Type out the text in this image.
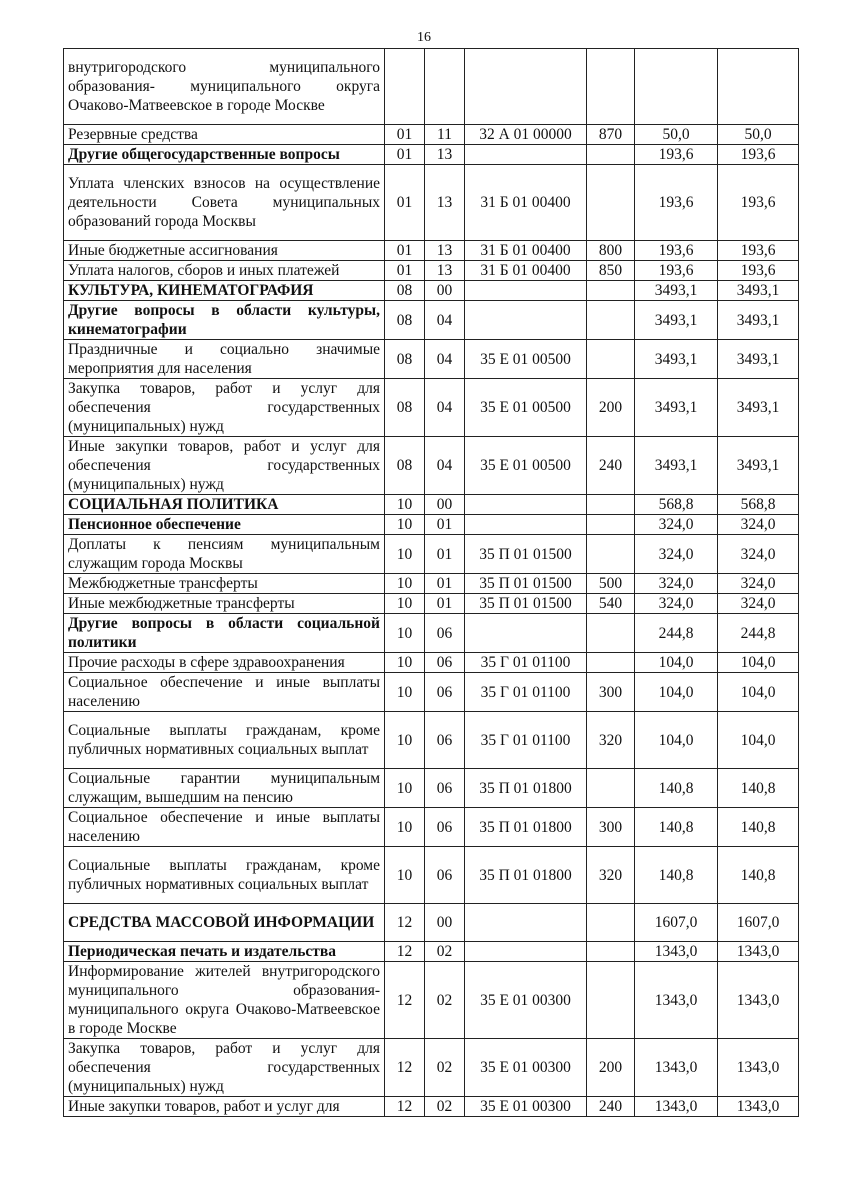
16
внутригородского муниципального образования- муниципального округа Очаково-Матвеевское в городе Москве						
Резервные средства	01	11	32 А 01 00000	870	50,0	50,0
Другие общегосударственные вопросы	01	13			193,6	193,6
Уплата членских взносов на осуществление деятельности Совета муниципальных образований города Москвы	01	13	31 Б 01 00400		193,6	193,6
Иные бюджетные ассигнования	01	13	31 Б 01 00400	800	193,6	193,6
Уплата налогов, сборов и иных платежей	01	13	31 Б 01 00400	850	193,6	193,6
КУЛЬТУРА, КИНЕМАТОГРАФИЯ	08	00			3493,1	3493,1
Другие вопросы в области культуры, кинематографии	08	04			3493,1	3493,1
Праздничные и социально значимые мероприятия для населения	08	04	35 Е 01 00500		3493,1	3493,1
Закупка товаров, работ и услуг для обеспечения государственных (муниципальных) нужд	08	04	35 Е 01 00500	200	3493,1	3493,1
Иные закупки товаров, работ и услуг для обеспечения государственных (муниципальных) нужд	08	04	35 Е 01 00500	240	3493,1	3493,1
СОЦИАЛЬНАЯ ПОЛИТИКА	10	00			568,8	568,8
Пенсионное обеспечение	10	01			324,0	324,0
Доплаты к пенсиям муниципальным служащим города Москвы	10	01	35 П 01 01500		324,0	324,0
Межбюджетные трансферты	10	01	35 П 01 01500	500	324,0	324,0
Иные межбюджетные трансферты	10	01	35 П 01 01500	540	324,0	324,0
Другие вопросы в области социальной политики	10	06			244,8	244,8
Прочие расходы в сфере здравоохранения	10	06	35 Г 01 01100		104,0	104,0
Социальное обеспечение и иные выплаты населению	10	06	35 Г 01 01100	300	104,0	104,0
Социальные выплаты гражданам, кроме публичных нормативных социальных выплат	10	06	35 Г 01 01100	320	104,0	104,0
Социальные гарантии муниципальным служащим, вышедшим на пенсию	10	06	35 П 01 01800		140,8	140,8
Социальное обеспечение и иные выплаты населению	10	06	35 П 01 01800	300	140,8	140,8
Социальные выплаты гражданам, кроме публичных нормативных социальных выплат	10	06	35 П 01 01800	320	140,8	140,8
СРЕДСТВА МАССОВОЙ ИНФОРМАЦИИ	12	00			1607,0	1607,0
Периодическая печать и издательства	12	02			1343,0	1343,0
Информирование жителей внутригородского муниципального образования- муниципального округа Очаково-Матвеевское в городе Москве	12	02	35 Е 01 00300		1343,0	1343,0
Закупка товаров, работ и услуг для обеспечения государственных (муниципальных) нужд	12	02	35 Е 01 00300	200	1343,0	1343,0
Иные закупки товаров, работ и услуг для	12	02	35 Е 01 00300	240	1343,0	1343,0
